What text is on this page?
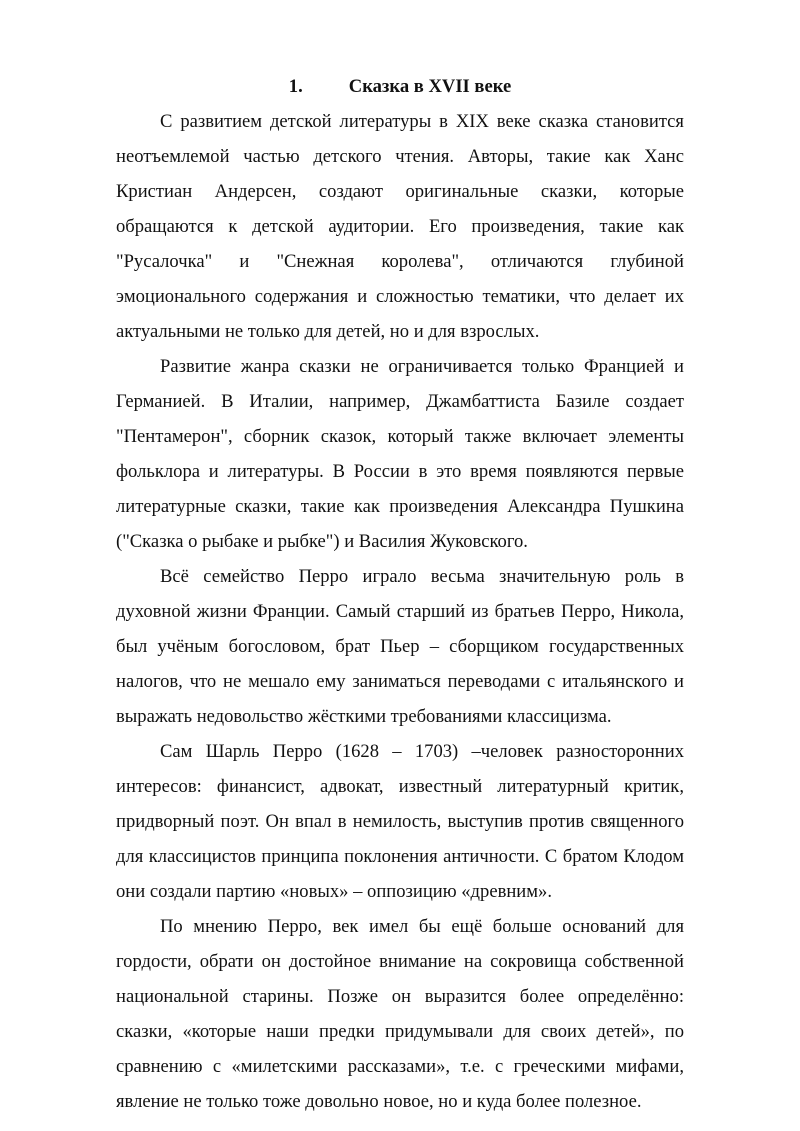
1. Сказка в XVII веке

С развитием детской литературы в XIX веке сказка становится неотъемлемой частью детского чтения. Авторы, такие как Ханс Кристиан Андерсен, создают оригинальные сказки, которые обращаются к детской аудитории. Его произведения, такие как "Русалочка" и "Снежная королева", отличаются глубиной эмоционального содержания и сложностью тематики, что делает их актуальными не только для детей, но и для взрослых.

Развитие жанра сказки не ограничивается только Францией и Германией. В Италии, например, Джамбаттиста Базиле создает "Пентамерон", сборник сказок, который также включает элементы фольклора и литературы. В России в это время появляются первые литературные сказки, такие как произведения Александра Пушкина ("Сказка о рыбаке и рыбке") и Василия Жуковского.

Всё семейство Перро играло весьма значительную роль в духовной жизни Франции. Самый старший из братьев Перро, Никола, был учёным богословом, брат Пьер – сборщиком государственных налогов, что не мешало ему заниматься переводами с итальянского и выражать недовольство жёсткими требованиями классицизма.

Сам Шарль Перро (1628 – 1703) –человек разносторонних интересов: финансист, адвокат, известный литературный критик, придворный поэт. Он впал в немилость, выступив против священного для классицистов принципа поклонения античности. С братом Клодом они создали партию «новых» – оппозицию «древним».

По мнению Перро, век имел бы ещё больше оснований для гордости, обрати он достойное внимание на сокровища собственной национальной старины. Позже он выразится более определённо: сказки, «которые наши предки придумывали для своих детей», по сравнению с «милетскими рассказами», т.е. с греческими мифами, явление не только тоже довольно новое, но и куда более полезное.
